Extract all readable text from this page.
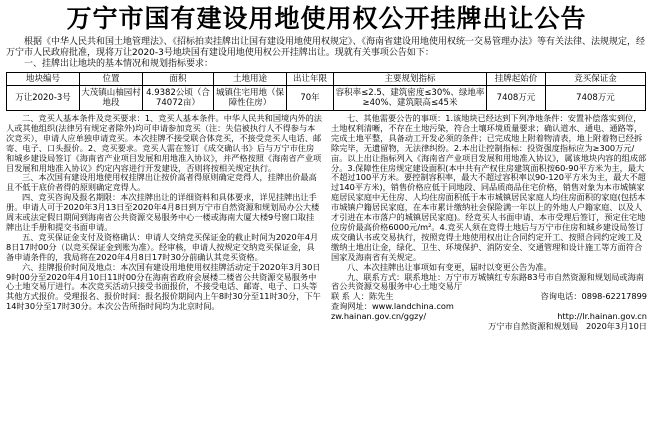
万宁市国有建设用地使用权公开挂牌出让公告

根据《中华人民共和国土地管理法》、《招标拍卖挂牌出让国有建设用地使用权规定》、《海南省建设用地使用权统一交易管理办法》等有关法律、法规规定，经万宁市人民政府批准，现将万让2020-3号地块国有建设用地使用权公开挂牌出让。现就有关事项公告如下：

一、挂牌出让地块的基本情况和规划指标要求：

地块编号	位置	面积	土地用途	出让年限	主要规划指标	挂牌起始价	竞买保证金
万让2020-3号	大茂镇山柚园村地段	4.9382公顷（合74072亩）	城镇住宅用地（保障性住房）	70年	容积率≤2.5、建筑密度≤30%、绿地率≥40%、建筑限高≤45米	7408万元	7408万元

二、竞买人基本条件及竞买要求：1、竞买人基本条件。中华人民共和国境内外的法人或其他组织(法律另有规定者除外)均可申请参加竞买（注：失信被执行人不得参与本次竞买），申请人应单独申请竞买。本次挂牌不接受联合体竞买，不接受竞买人电话、邮寄、电子、口头报价。2、竞买要求。竞买人需在签订《成交确认书》后与万宁市住房和城乡建设局签订《海南省产业项目发展和用地准入协议》，并严格按照《海南省产业项目发展和用地准入协议》约定内容进行开发建设，否则将按相关规定执行。

三、本次国有建设用地使用权挂牌出让按价高者得原则确定竞得人，挂牌出价最高且不低于底价者得的原则确定竞得人。

四、竞买咨询及报名期限：本次挂牌出让的详细资料和具体要求，详见挂牌出让手册。申请人可于2020年3月13日至2020年4月8日到万宁市自然资源和规划局办公大楼周末或法定假日期间到海南省公共资源交易服务中心一楼或海南大厦大楼9号窗口取挂牌出让手册和提交书面申请。

五、竞买保证金支付及资格确认：申请人交纳竞买保证金的截止时间为2020年4月8日17时00分（以竞买保证金到账为准）。经审核，申请人按规定交纳竞买保证金，具备申请条件的，我局将在2020年4月8日17时30分前确认其竞买资格。

六、挂牌报价时间及地点：本次国有建设用地使用权挂牌活动定于2020年3月30日9时00分至2020年4月10日11时00分在海南省政府会展楼二楼省公共资源交易服务中心土地交易厅进行。本次竞买活动只接受书面报价，不接受电话、邮寄、电子、口头等其他方式报价。受理报名、报价时间：报名报价期间内上午8时30分至11时30分，下午14时30分至17时30分。本次公告所指时间均为北京时间。

七、其他需要公告的事项：1.该地块已经达到下列净地条件：安置补偿落实到位，土地权利清晰，不存在土地污染，符合土壤环境质量要求；确认道水、通电、通路等，完成土地平整，具备动工开发必须的条件；已完成地上附着物清表，地上附着物已经拆除完毕，无遗留物，无法律纠纷。2.本出让控制指标：投资强度指标应为≥300万元/亩。以上出让指标列入《海南省产业项目发展和用地准入协议》，属该地块内容的组成部分。3.保障性住房规定建设面积(本中共有产权住房建筑面积按60-90平方米为主，最大不超过100平方米。要控制容积率，最大不超过容积率以90-120平方米为主，最大不超过140平方米)，销售价格应低于同地段、同品质商品住宅价格，销售对象为本市城镇家庭居民家庭中无住房、人均住房面积低于本市城镇居民家庭人均住房面积的家庭(包括本市城镇户籍居民家庭，在本市累计缴纳社会保险满一年以上的外地人户籍家庭、以及人才引进在本市落户的城镇居民家庭)。经竞买人书面申请、本市受理后签订，预定住宅地位房价最高价格6000元/m²。4.竞买人须在竞得土地后与万宁市住房和城乡建设局签订成交确认书或交易执行，按照竞得土地使用权出让合同约定开工、按照合同约定竣工及缴纳土地出让金，绿化、卫生、环境保护、消防安全、交通管理和设计施工等方面符合国家及海南省有关规定。

八、本次挂牌出让事项如有变更，届时以变更公告为准。

九、联系方式：联系地址：万宁市万城镇红专东路83号市自然资源和规划局或海南省公共资源交易服务中心土地交易厅

联 系 人：陈先生	咨询电话：0898-62217899

查询网址：www.landchina.com

zw.hainan.gov.cn/ggzy/	http://lr.hainan.gov.cn

万宁市自然资源和规划局 2020年3月10日
